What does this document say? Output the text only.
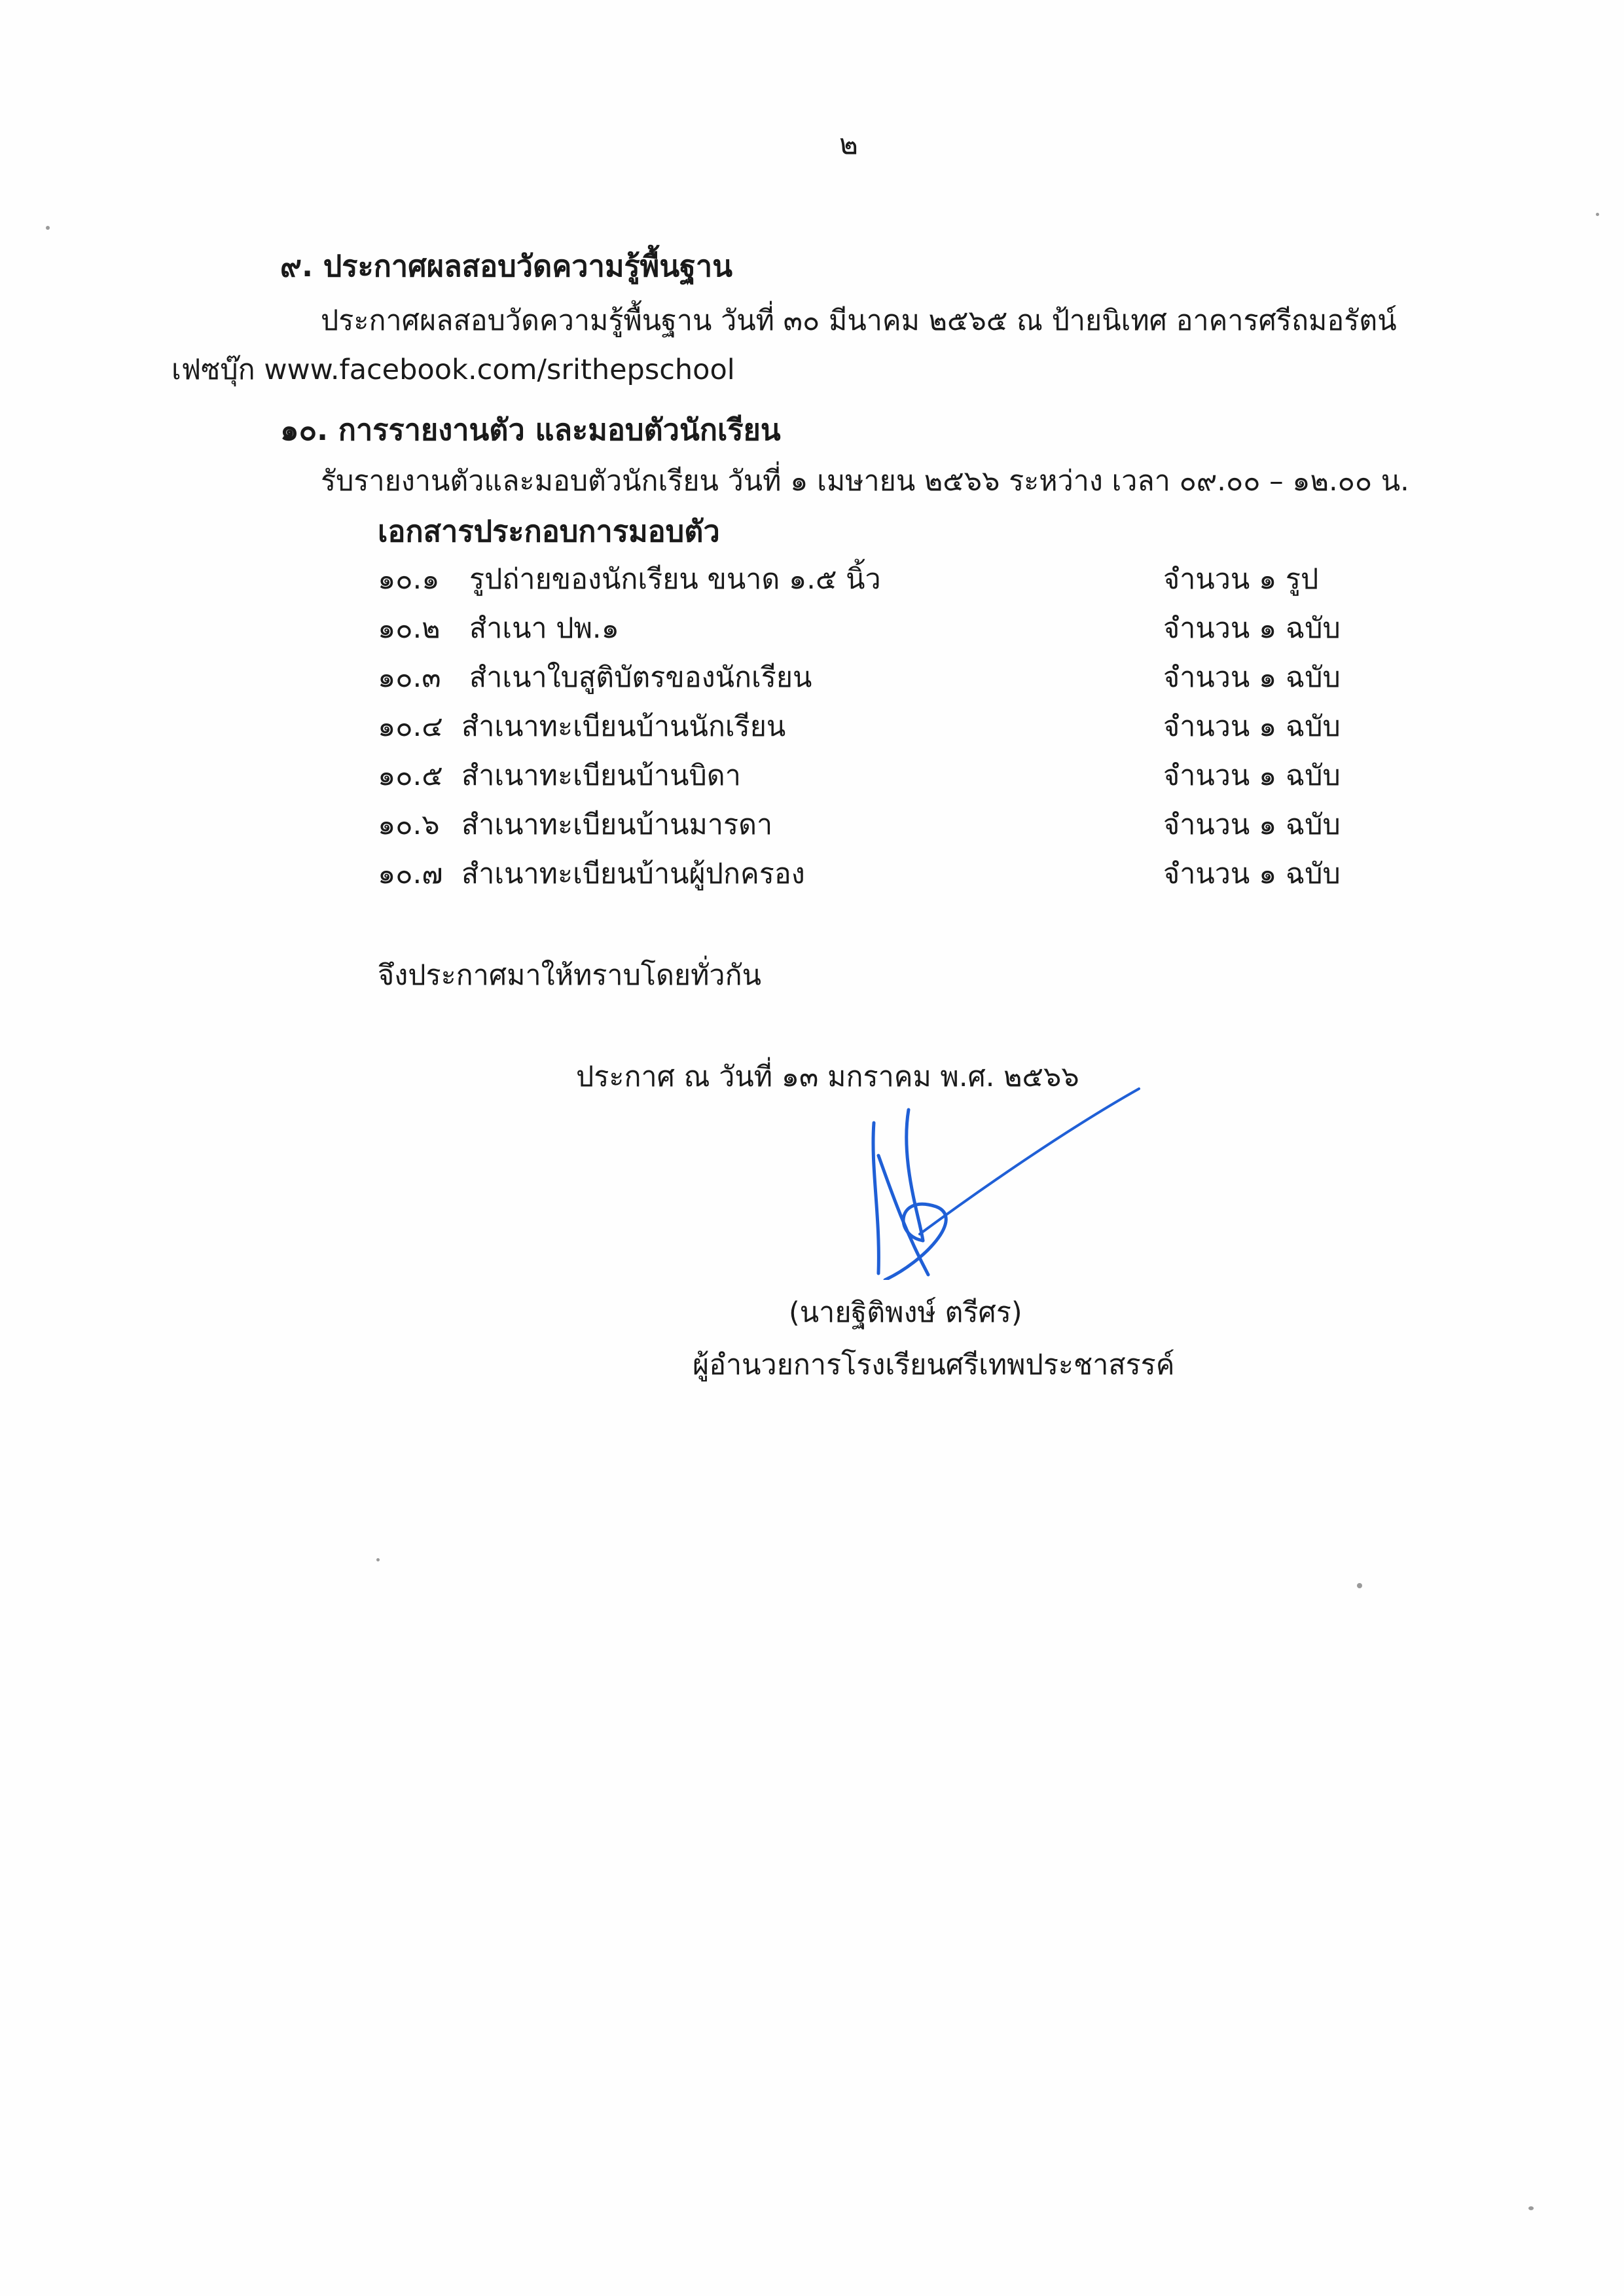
๒
๙. ประกาศผลสอบวัดความรู้พื้นฐาน
ประกาศผลสอบวัดความรู้พื้นฐาน วันที่ ๓๐ มีนาคม ๒๕๖๕ ณ ป้ายนิเทศ อาคารศรีถมอรัตน์
เฟซบุ๊ก www.facebook.com/srithepschool
๑๐. การรายงานตัว และมอบตัวนักเรียน
รับรายงานตัวและมอบตัวนักเรียน วันที่ ๑ เมษายน ๒๕๖๖ ระหว่าง เวลา ๐๙.๐๐ – ๑๒.๐๐ น.
เอกสารประกอบการมอบตัว
๑๐.๑ รูปถ่ายของนักเรียน ขนาด ๑.๕ นิ้ว	จำนวน ๑ รูป
๑๐.๒ สำเนา ปพ.๑	จำนวน ๑ ฉบับ
๑๐.๓ สำเนาใบสูติบัตรของนักเรียน	จำนวน ๑ ฉบับ
๑๐.๔ สำเนาทะเบียนบ้านนักเรียน	จำนวน ๑ ฉบับ
๑๐.๕ สำเนาทะเบียนบ้านบิดา	จำนวน ๑ ฉบับ
๑๐.๖ สำเนาทะเบียนบ้านมารดา	จำนวน ๑ ฉบับ
๑๐.๗ สำเนาทะเบียนบ้านผู้ปกครอง	จำนวน ๑ ฉบับ
จึงประกาศมาให้ทราบโดยทั่วกัน
ประกาศ ณ วันที่ ๑๓ มกราคม พ.ศ. ๒๕๖๖
(นายฐิติพงษ์ ตรีศร)
ผู้อำนวยการโรงเรียนศรีเทพประชาสรรค์
